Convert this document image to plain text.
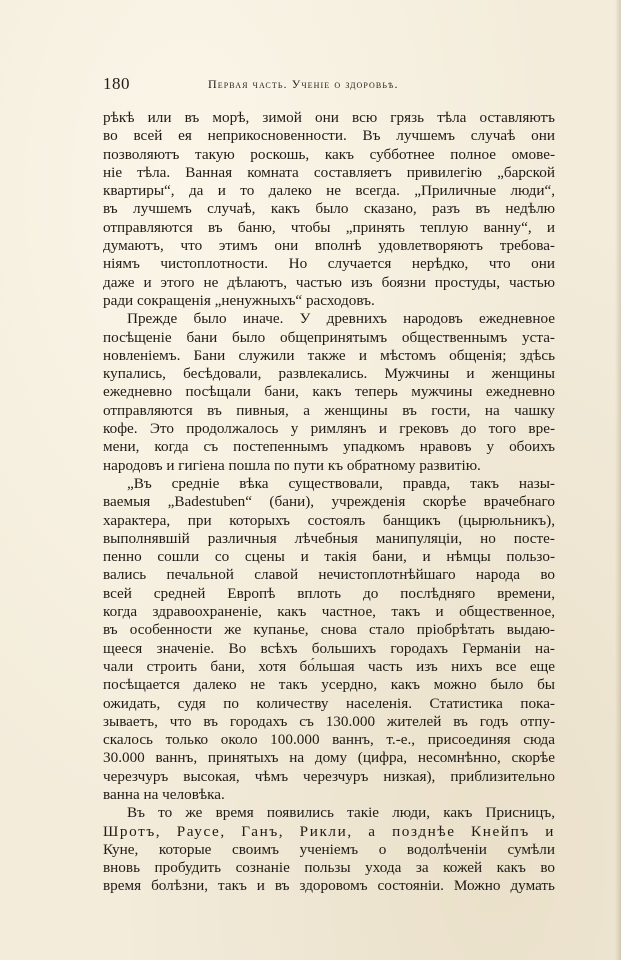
180	Первая часть. Ученіе о здоровьѣ.
рѣкѣ или въ морѣ, зимой они всю грязь тѣла оставляютъ
во всей ея неприкосновенности. Въ лучшемъ случаѣ они
позволяютъ такую роскошь, какъ субботнее полное омове-
ніе тѣла. Ванная комната составляетъ привилегію „барской
квартиры“, да и то далеко не всегда. „Приличные люди“,
въ лучшемъ случаѣ, какъ было сказано, разъ въ недѣлю
отправляются въ баню, чтобы „принять теплую ванну“, и
думаютъ, что этимъ они вполнѣ удовлетворяютъ требова-
ніямъ чистоплотности. Но случается нерѣдко, что они
даже и этого не дѣлаютъ, частью изъ боязни простуды, частью
ради сокращенія „ненужныхъ“ расходовъ.
Прежде было иначе. У древнихъ народовъ ежедневное
посѣщеніе бани было общепринятымъ общественнымъ уста-
новленіемъ. Бани служили также и мѣстомъ общенія; здѣсь
купались, бесѣдовали, развлекались. Мужчины и женщины
ежедневно посѣщали бани, какъ теперь мужчины ежедневно
отправляются въ пивныя, а женщины въ гости, на чашку
кофе. Это продолжалось у римлянъ и грековъ до того вре-
мени, когда съ постепеннымъ упадкомъ нравовъ у обоихъ
народовъ и гигіена пошла по пути къ обратному развитію.
„Въ средніе вѣка существовали, правда, такъ назы-
ваемыя „Badestuben“ (бани), учрежденія скорѣе врачебнаго
характера, при которыхъ состоялъ банщикъ (цырюльникъ),
выполнявшій различныя лѣчебныя манипуляціи, но посте-
пенно сошли со сцены и такія бани, и нѣмцы пользо-
вались печальной славой нечистоплотнѣйшаго народа во
всей средней Европѣ вплоть до послѣдняго времени,
когда здравоохраненіе, какъ частное, такъ и общественное,
въ особенности же купанье, снова стало пріобрѣтать выдаю-
щееся значеніе. Во всѣхъ большихъ городахъ Германіи на-
чали строить бани, хотя бо́льшая часть изъ нихъ все еще
посѣщается далеко не такъ усердно, какъ можно было бы
ожидать, судя по количеству населенія. Статистика пока-
зываетъ, что въ городахъ съ 130.000 жителей въ годъ отпу-
скалось только около 100.000 ваннъ, т.-е., присоединяя сюда
30.000 ваннъ, принятыхъ на дому (цифра, несомнѣнно, скорѣе
черезчуръ высокая, чѣмъ черезчуръ низкая), приблизительно
ванна на человѣка.
Въ то же время появились такіе люди, какъ Присницъ,
Шротъ, Раусе, Ганъ, Рикли, а позднѣе Кнейпъ и
Куне, которые своимъ ученіемъ о водолѣченіи сумѣли
вновь пробудить сознаніе пользы ухода за кожей какъ во
время болѣзни, такъ и въ здоровомъ состояніи. Можно думать
